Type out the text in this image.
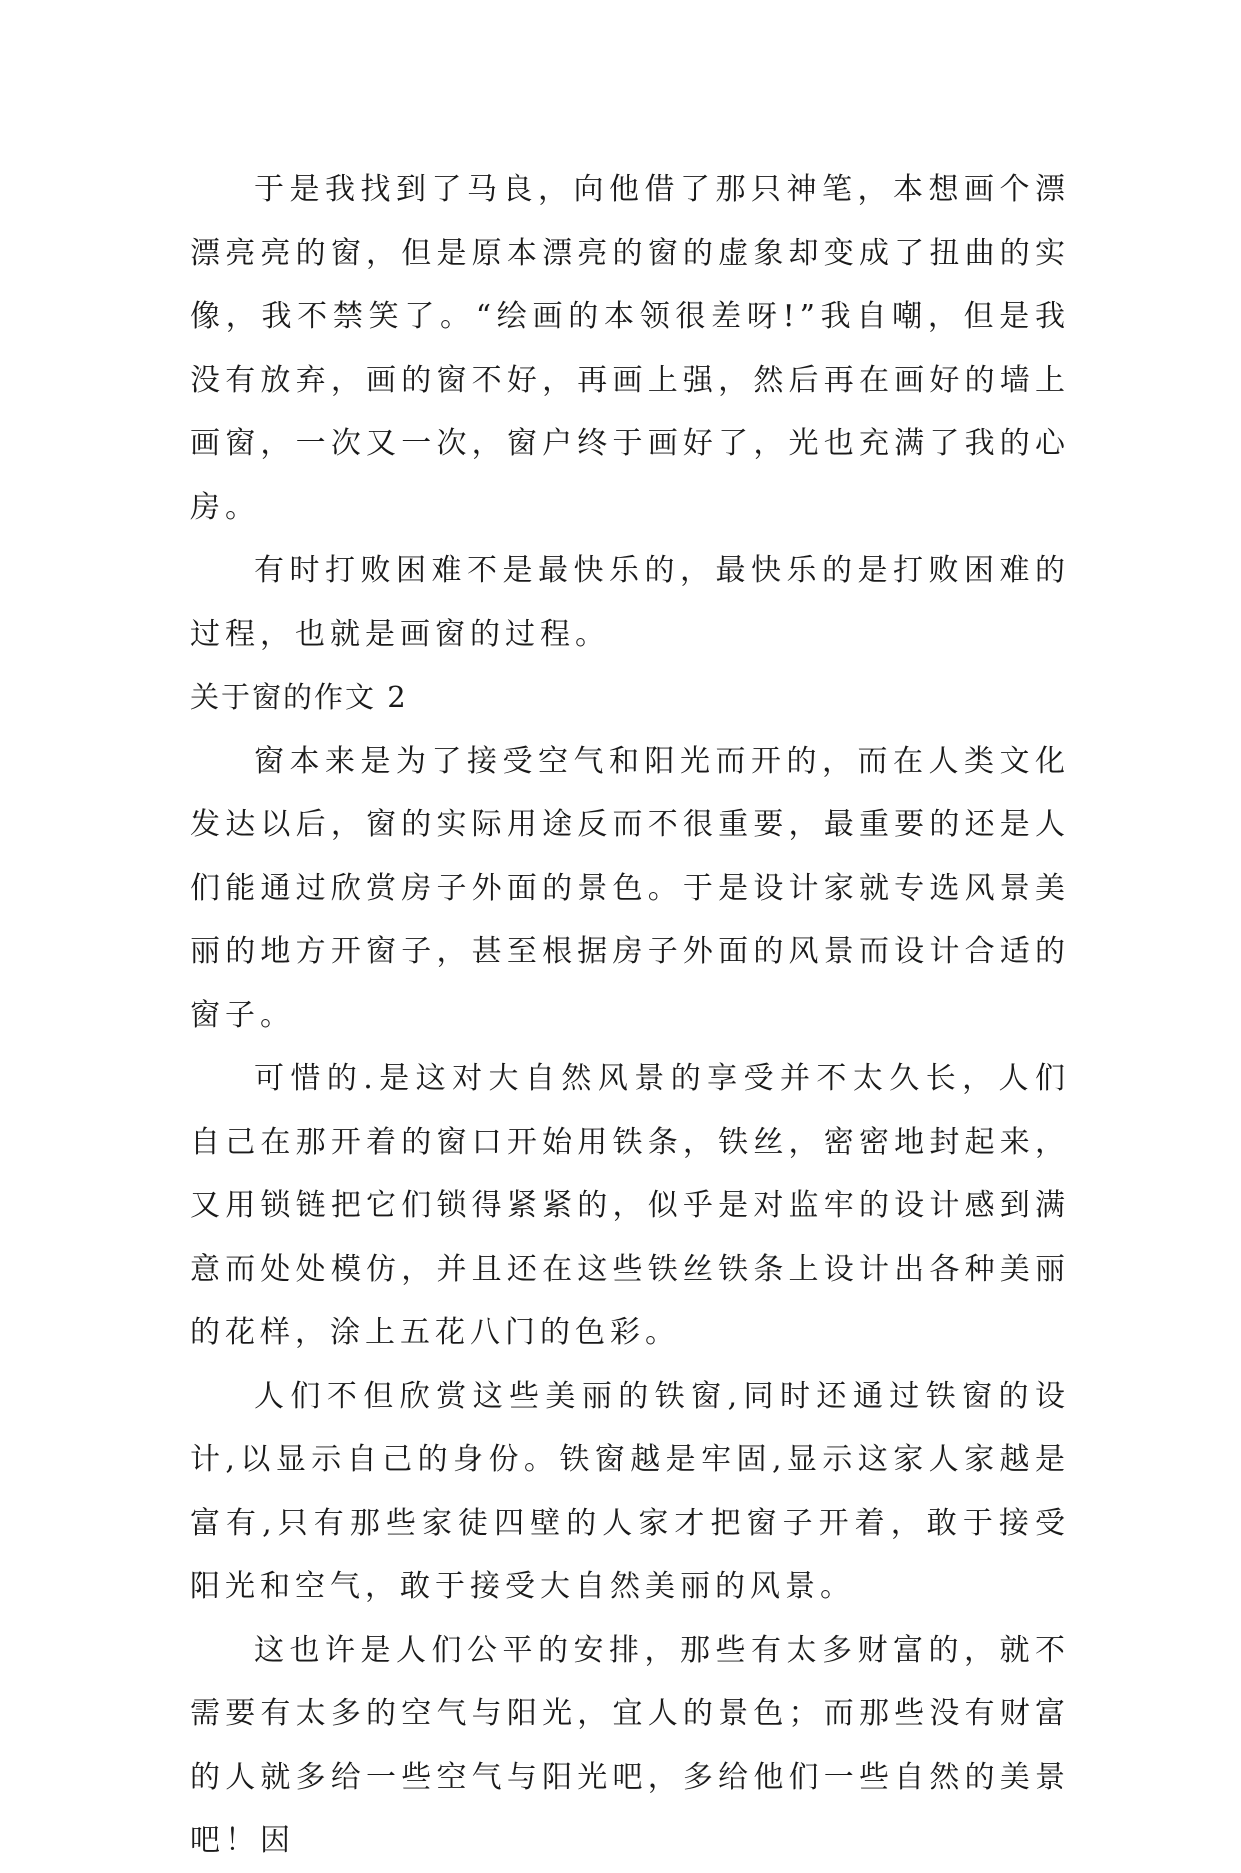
于是我找到了马良，向他借了那只神笔，本想画个漂漂亮亮的窗，但是原本漂亮的窗的虚象却变成了扭曲的实像，我不禁笑了。“绘画的本领很差呀!”我自嘲，但是我没有放弃，画的窗不好，再画上强，然后再在画好的墙上画窗，一次又一次，窗户终于画好了，光也充满了我的心房。

有时打败困难不是最快乐的，最快乐的是打败困难的过程，也就是画窗的过程。

关于窗的作文 2

窗本来是为了接受空气和阳光而开的，而在人类文化发达以后，窗的实际用途反而不很重要，最重要的还是人们能通过欣赏房子外面的景色。于是设计家就专选风景美丽的地方开窗子，甚至根据房子外面的风景而设计合适的窗子。

可惜的.是这对大自然风景的享受并不太久长，人们自己在那开着的窗口开始用铁条，铁丝，密密地封起来，又用锁链把它们锁得紧紧的，似乎是对监牢的设计感到满意而处处模仿，并且还在这些铁丝铁条上设计出各种美丽的花样，涂上五花八门的色彩。

人们不但欣赏这些美丽的铁窗,同时还通过铁窗的设计,以显示自己的身份。铁窗越是牢固,显示这家人家越是富有,只有那些家徒四壁的人家才把窗子开着，敢于接受阳光和空气，敢于接受大自然美丽的风景。

这也许是人们公平的安排，那些有太多财富的，就不需要有太多的空气与阳光，宜人的景色；而那些没有财富的人就多给一些空气与阳光吧，多给他们一些自然的美景吧！因
